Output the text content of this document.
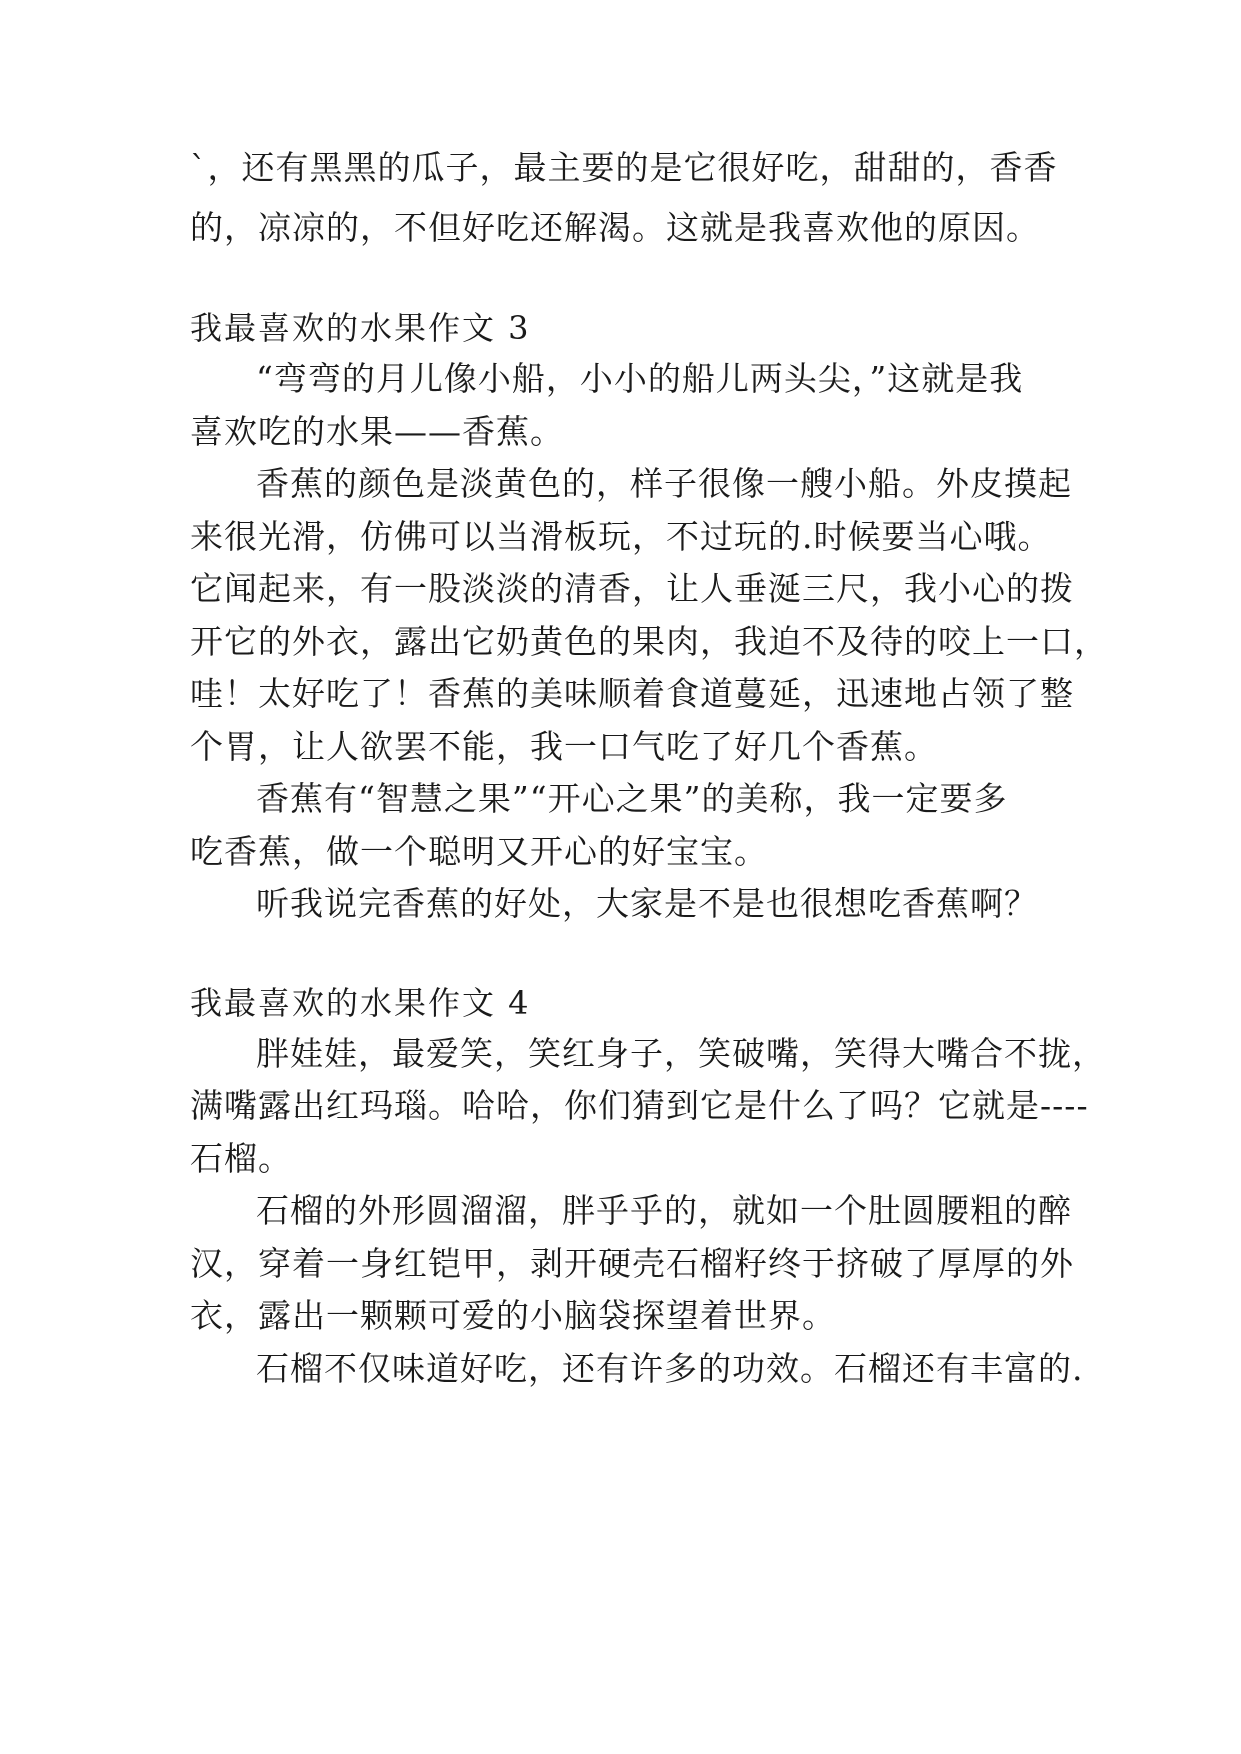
`，还有黑黑的瓜子，最主要的是它很好吃，甜甜的，香香
的，凉凉的，不但好吃还解渴。这就是我喜欢他的原因。
我最喜欢的水果作文 3
“弯弯的月儿像小船，小小的船儿两头尖，”这就是我
喜欢吃的水果——香蕉。
香蕉的颜色是淡黄色的，样子很像一艘小船。外皮摸起
来很光滑，仿佛可以当滑板玩，不过玩的.时候要当心哦。
它闻起来，有一股淡淡的清香，让人垂涎三尺，我小心的拨
开它的外衣，露出它奶黄色的果肉，我迫不及待的咬上一口，
哇！太好吃了！香蕉的美味顺着食道蔓延，迅速地占领了整
个胃，让人欲罢不能，我一口气吃了好几个香蕉。
香蕉有“智慧之果”“开心之果”的美称，我一定要多
吃香蕉，做一个聪明又开心的好宝宝。
听我说完香蕉的好处，大家是不是也很想吃香蕉啊？
我最喜欢的水果作文 4
胖娃娃，最爱笑，笑红身子，笑破嘴，笑得大嘴合不拢，
满嘴露出红玛瑙。哈哈，你们猜到它是什么了吗？它就是----
石榴。
石榴的外形圆溜溜，胖乎乎的，就如一个肚圆腰粗的醉
汉，穿着一身红铠甲，剥开硬壳石榴籽终于挤破了厚厚的外
衣，露出一颗颗可爱的小脑袋探望着世界。
石榴不仅味道好吃，还有许多的功效。石榴还有丰富的.
